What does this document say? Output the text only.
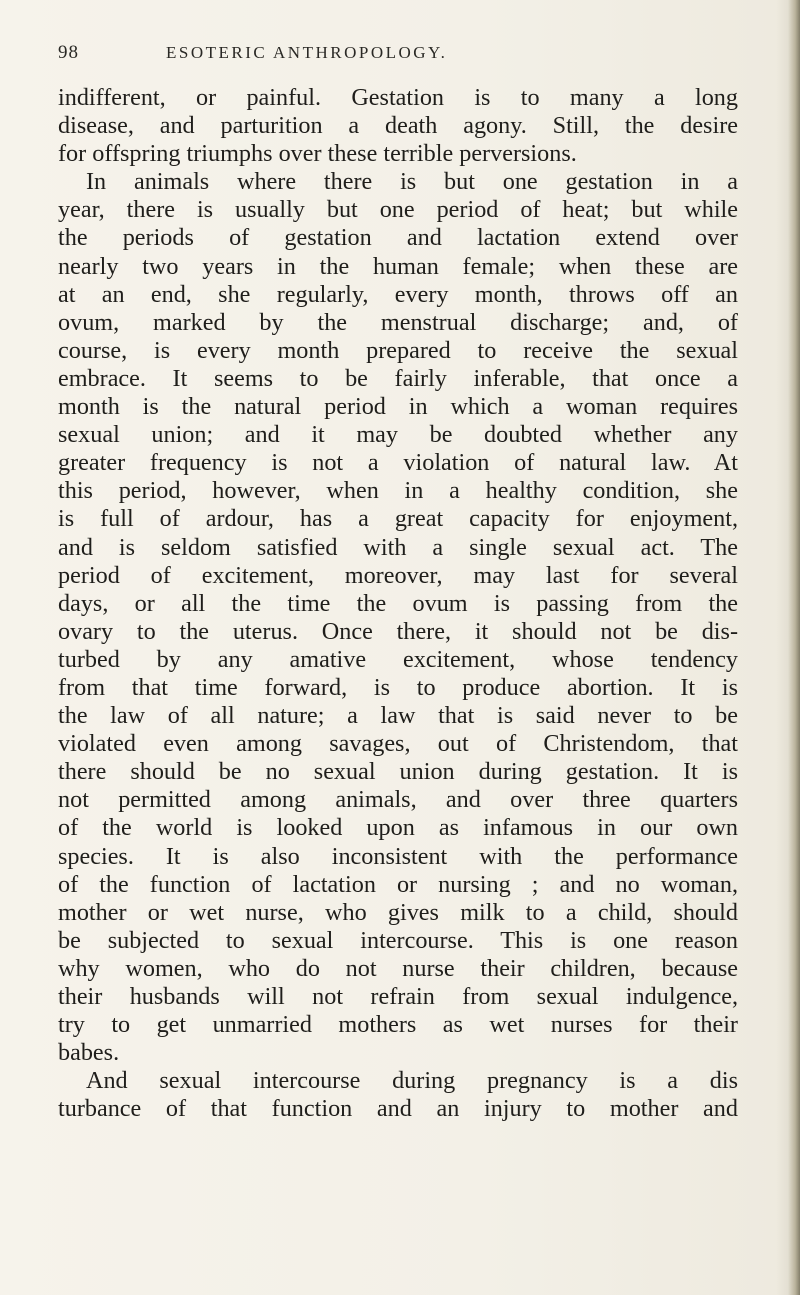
98	ESOTERIC ANTHROPOLOGY.
indifferent, or painful. Gestation is to many a long
disease, and parturition a death agony. Still, the desire
for offspring triumphs over these terrible perversions.
In animals where there is but one gestation in a
year, there is usually but one period of heat; but while
the periods of gestation and lactation extend over
nearly two years in the human female; when these are
at an end, she regularly, every month, throws off an
ovum, marked by the menstrual discharge; and, of
course, is every month prepared to receive the sexual
embrace. It seems to be fairly inferable, that once a
month is the natural period in which a woman requires
sexual union; and it may be doubted whether any
greater frequency is not a violation of natural law. At
this period, however, when in a healthy condition, she
is full of ardour, has a great capacity for enjoyment,
and is seldom satisfied with a single sexual act. The
period of excitement, moreover, may last for several
days, or all the time the ovum is passing from the
ovary to the uterus. Once there, it should not be dis-
turbed by any amative excitement, whose tendency
from that time forward, is to produce abortion. It is
the law of all nature; a law that is said never to be
violated even among savages, out of Christendom, that
there should be no sexual union during gestation. It is
not permitted among animals, and over three quarters
of the world is looked upon as infamous in our own
species. It is also inconsistent with the performance
of the function of lactation or nursing ; and no woman,
mother or wet nurse, who gives milk to a child, should
be subjected to sexual intercourse. This is one reason
why women, who do not nurse their children, because
their husbands will not refrain from sexual indulgence,
try to get unmarried mothers as wet nurses for their
babes.
And sexual intercourse during pregnancy is a dis
turbance of that function and an injury to mother and
